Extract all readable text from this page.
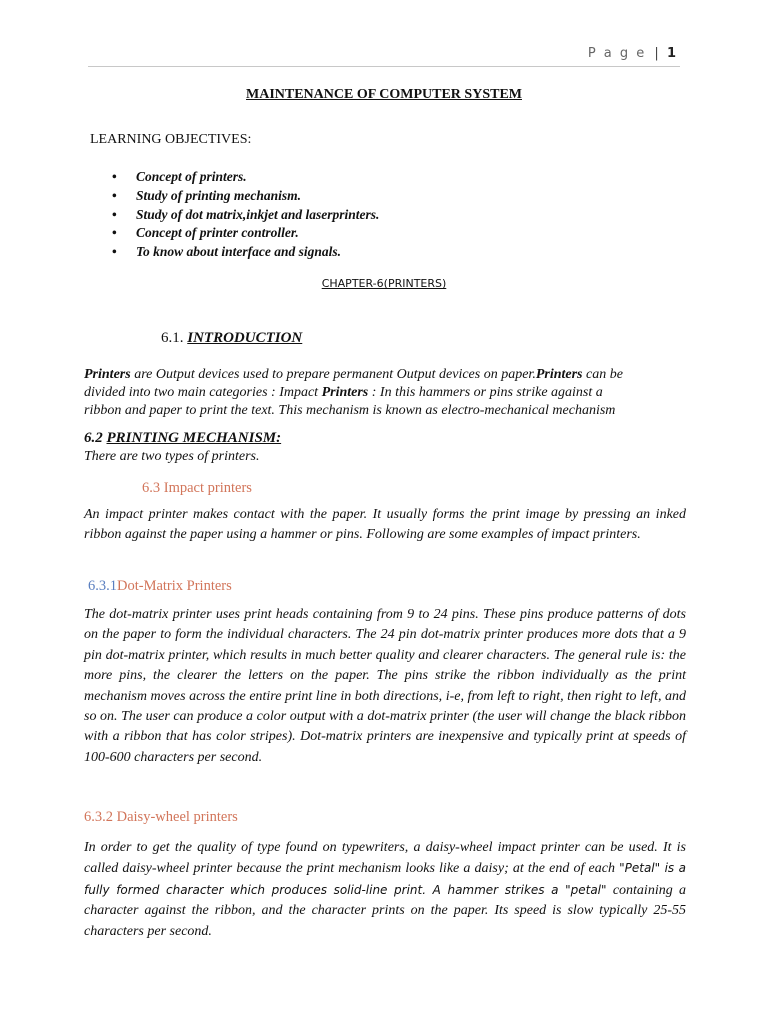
P a g e | 1
MAINTENANCE OF COMPUTER SYSTEM
LEARNING OBJECTIVES:

• Concept of printers.

• Study of printing mechanism.

• Study of dot matrix,inkjet and laserprinters.

• Concept of printer controller.

• To know about interface and signals.

CHAPTER-6(PRINTERS)
6.1. INTRODUCTION
Printers are Output devices used to prepare permanent Output devices on paper.Printers can be
divided into two main categories : Impact Printers : In this hammers or pins strike against a
ribbon and paper to print the text. This mechanism is known as electro-mechanical mechanism
6.2 PRINTING MECHANISM:
There are two types of printers.
6.3 Impact printers
An impact printer makes contact with the paper. It usually forms the print image by pressing an inked ribbon against the paper using a hammer or pins. Following are some examples of impact printers.
6.3.1Dot-Matrix Printers
The dot-matrix printer uses print heads containing from 9 to 24 pins. These pins produce patterns of dots on the paper to form the individual characters. The 24 pin dot-matrix printer produces more dots that a 9 pin dot-matrix printer, which results in much better quality and clearer characters. The general rule is: the more pins, the clearer the letters on the paper. The pins strike the ribbon individually as the print mechanism moves across the entire print line in both directions, i-e, from left to right, then right to left, and so on. The user can produce a color output with a dot-matrix printer (the user will change the black ribbon with a ribbon that has color stripes). Dot-matrix printers are inexpensive and typically print at speeds of 100-600 characters per second.
6.3.2 Daisy-wheel printers
In order to get the quality of type found on typewriters, a daisy-wheel impact printer can be used. It is called daisy-wheel printer because the print mechanism looks like a daisy; at the end of each "Petal" is a fully formed character which produces solid-line print. A hammer strikes a "petal" containing a character against the ribbon, and the character prints on the paper. Its speed is slow typically 25-55 characters per second.
